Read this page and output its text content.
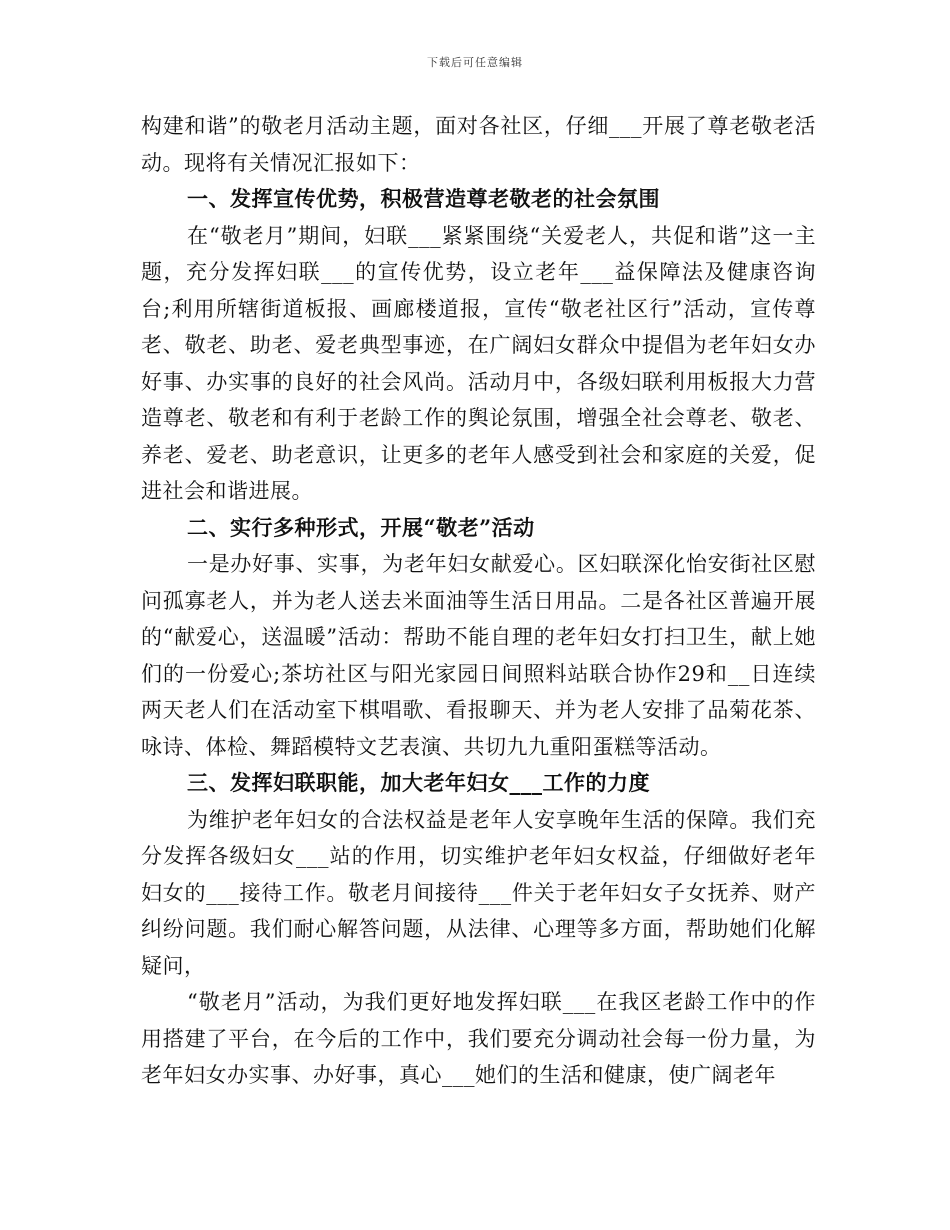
下载后可任意编辑

构建和谐”的敬老月活动主题，面对各社区，仔细___开展了尊老敬老活动。现将有关情况汇报如下：

一、发挥宣传优势，积极营造尊老敬老的社会氛围

在“敬老月”期间，妇联___紧紧围绕“关爱老人，共促和谐”这一主题，充分发挥妇联___的宣传优势，设立老年___益保障法及健康咨询台;利用所辖街道板报、画廊楼道报，宣传“敬老社区行”活动，宣传尊老、敬老、助老、爱老典型事迹，在广阔妇女群众中提倡为老年妇女办好事、办实事的良好的社会风尚。活动月中，各级妇联利用板报大力营造尊老、敬老和有利于老龄工作的舆论氛围，增强全社会尊老、敬老、养老、爱老、助老意识，让更多的老年人感受到社会和家庭的关爱，促进社会和谐进展。

二、实行多种形式，开展“敬老”活动

一是办好事、实事，为老年妇女献爱心。区妇联深化怡安街社区慰问孤寡老人，并为老人送去米面油等生活日用品。二是各社区普遍开展的“献爱心，送温暖”活动：帮助不能自理的老年妇女打扫卫生，献上她们的一份爱心;茶坊社区与阳光家园日间照料站联合协作29和__日连续两天老人们在活动室下棋唱歌、看报聊天、并为老人安排了品菊花茶、咏诗、体检、舞蹈模特文艺表演、共切九九重阳蛋糕等活动。

三、发挥妇联职能，加大老年妇女___工作的力度

为维护老年妇女的合法权益是老年人安享晚年生活的保障。我们充分发挥各级妇女___站的作用，切实维护老年妇女权益，仔细做好老年妇女的___接待工作。敬老月间接待___件关于老年妇女子女抚养、财产纠纷问题。我们耐心解答问题，从法律、心理等多方面，帮助她们化解疑问，

“敬老月”活动，为我们更好地发挥妇联___在我区老龄工作中的作用搭建了平台，在今后的工作中，我们要充分调动社会每一份力量，为老年妇女办实事、办好事，真心___她们的生活和健康，使广阔老年
